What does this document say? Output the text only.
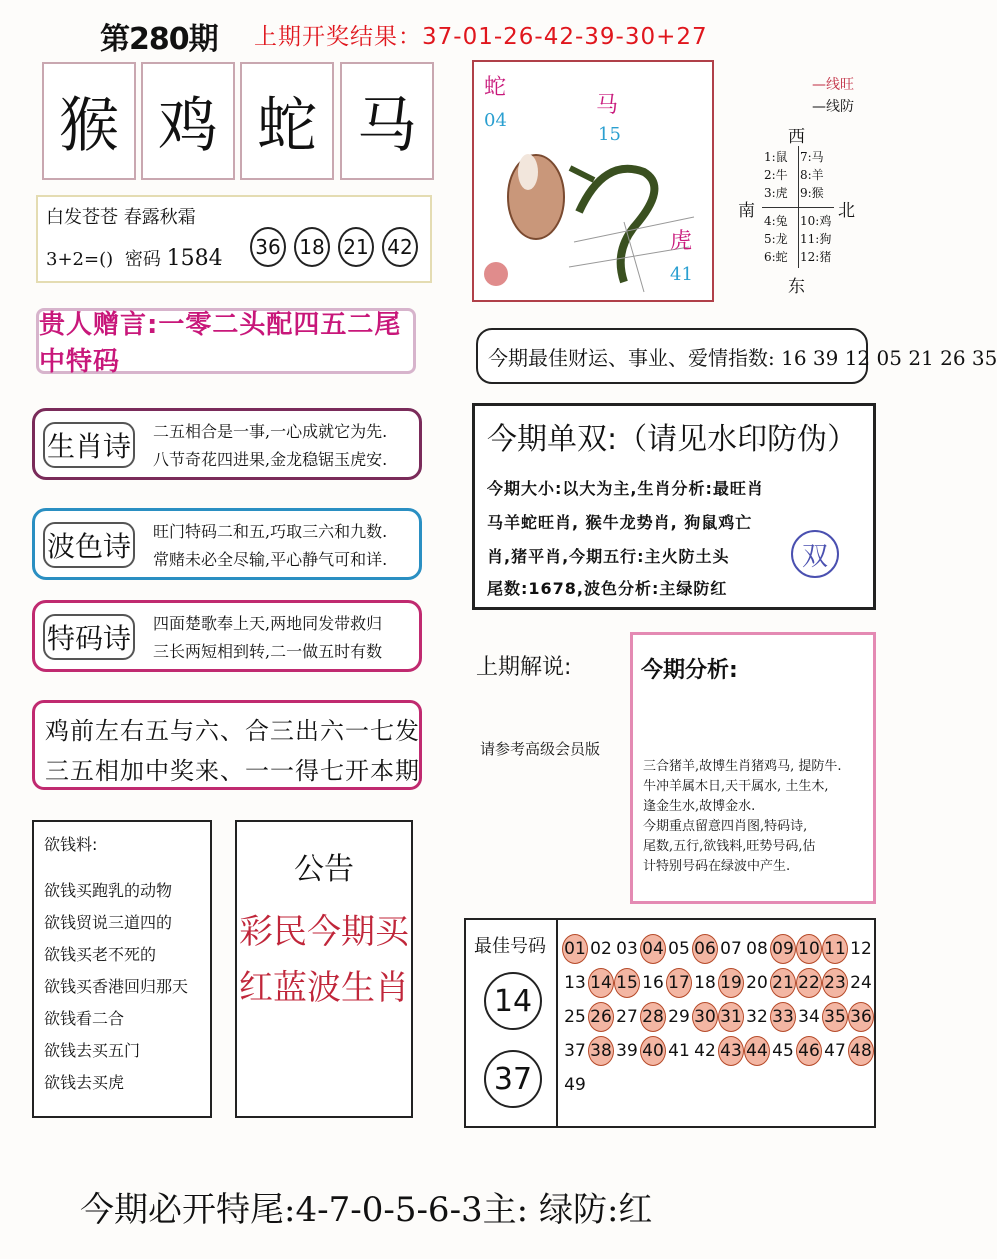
第280期 上期开奖结果：37-01-26-42-39-30+27
猴 鸡 蛇 马
白发苍苍 春露秋霜
3+2=() 密码 1584 36 18 21 42
贵人赠言:一零二头配四五二尾中特码
生肖诗 二五相合是一事,一心成就它为先.
八节奇花四进果,金龙稳锯玉虎安.
波色诗 旺门特码二和五,巧取三六和九数.
常赌未必全尽输,平心静气可和详.
特码诗 四面楚歌奉上天,两地同发带救归
三长两短相到转,二一做五时有数
鸡前左右五与六、合三出六一七发
三五相加中奖来、一一得七开本期
欲钱料:
欲钱买跑乳的动物
欲钱贸说三道四的
欲钱买老不死的
欲钱买香港回归那天
欲钱看二合
欲钱去买五门
欲钱去买虎
公告
彩民今期买
红蓝波生肖
蛇
04
马
15
虎
41
—线旺
—线防
1:鼠
2:牛
3:虎
7:马
8:羊
9:猴
4:兔
5:龙
6:蛇
10:鸡
11:狗
12:猪
西
南	北
东
今期最佳财运、事业、爱情指数: 16 39 12 05 21 26 35
今期单双:（请见水印防伪）
今期大小:以大为主,生肖分析:最旺肖
马羊蛇旺肖, 猴牛龙势肖, 狗鼠鸡亡
肖,猪平肖,今期五行:主火防土头
尾数:1678,波色分析:主绿防红
双
上期解说:
请参考高级会员版
今期分析:
三合猪羊,故博生肖猪鸡马, 提防牛.
牛冲羊属木日,天干属水, 土生木,
逢金生水,故博金水.
今期重点留意四肖图,特码诗,
尾数,五行,欲钱料,旺势号码,估
计特别号码在绿波中产生.
最佳号码
14
37
01 02 03 04 05 06 07 08 09 10 11 12
13 14 15 16 17 18 19 20 21 22 23 24
25 26 27 28 29 30 31 32 33 34 35 36
37 38 39 40 41 42 43 44 45 46 47 48
49
今期必开特尾:4-7-0-5-6-3主: 绿防:红
